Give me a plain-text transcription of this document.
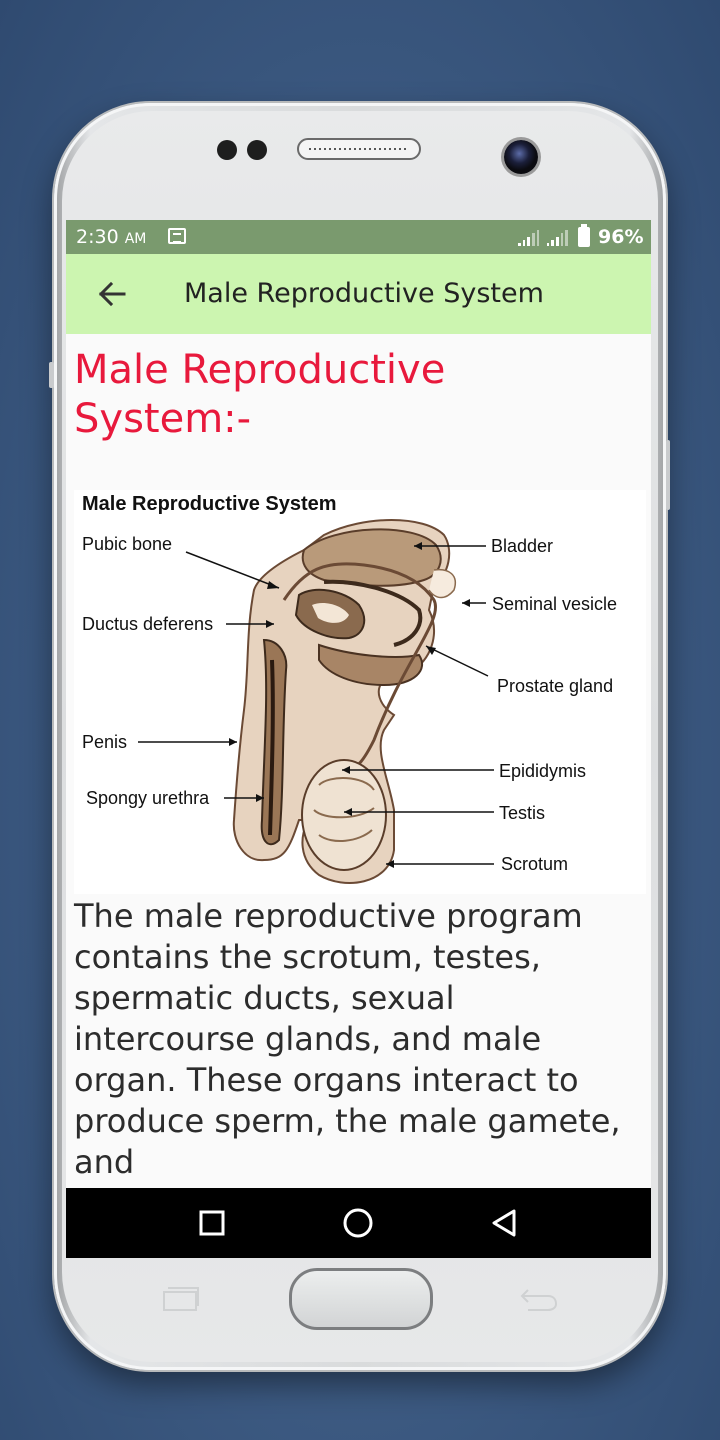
2:30 AM	96%
Male Reproductive System
Male Reproductive System:-
Male Reproductive System
Pubic bone
Ductus deferens
Penis
Spongy urethra
Bladder
Seminal vesicle
Prostate gland
Epididymis
Testis
Scrotum

The male reproductive program contains the scrotum, testes, spermatic ducts, sexual intercourse glands, and male organ. These organs interact to produce sperm, the male gamete, and
